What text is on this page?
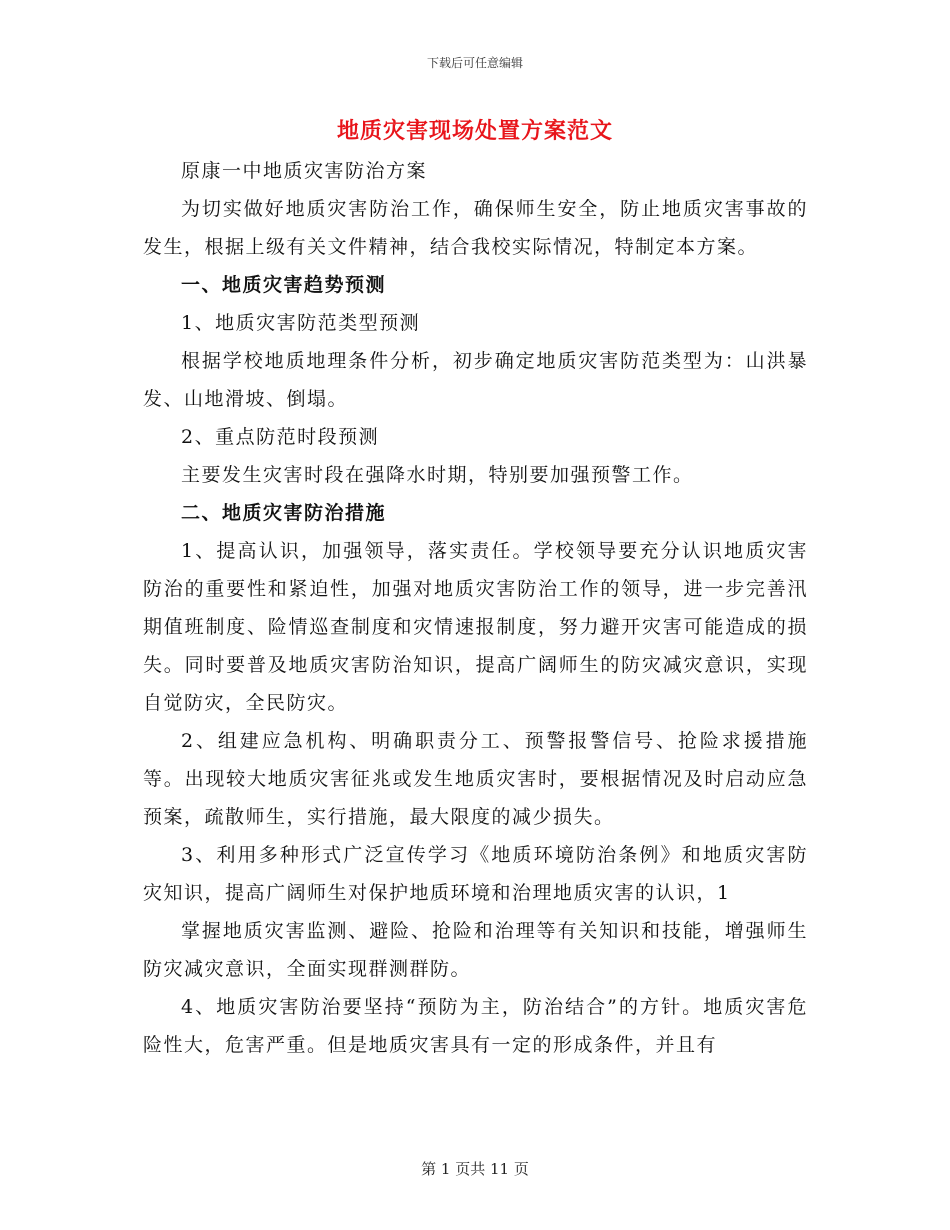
下载后可任意编辑
地质灾害现场处置方案范文

原康一中地质灾害防治方案

为切实做好地质灾害防治工作，确保师生安全，防止地质灾害事故的发生，根据上级有关文件精神，结合我校实际情况，特制定本方案。

一、地质灾害趋势预测

1、地质灾害防范类型预测

根据学校地质地理条件分析，初步确定地质灾害防范类型为：山洪暴发、山地滑坡、倒塌。

2、重点防范时段预测

主要发生灾害时段在强降水时期，特别要加强预警工作。

二、地质灾害防治措施

1、提高认识，加强领导，落实责任。学校领导要充分认识地质灾害防治的重要性和紧迫性，加强对地质灾害防治工作的领导，进一步完善汛期值班制度、险情巡查制度和灾情速报制度，努力避开灾害可能造成的损失。同时要普及地质灾害防治知识，提高广阔师生的防灾减灾意识，实现自觉防灾，全民防灾。

2、组建应急机构、明确职责分工、预警报警信号、抢险求援措施等。出现较大地质灾害征兆或发生地质灾害时，要根据情况及时启动应急预案，疏散师生，实行措施，最大限度的减少损失。

3、利用多种形式广泛宣传学习《地质环境防治条例》和地质灾害防灾知识，提高广阔师生对保护地质环境和治理地质灾害的认识，1

掌握地质灾害监测、避险、抢险和治理等有关知识和技能，增强师生防灾减灾意识，全面实现群测群防。

4、地质灾害防治要坚持“预防为主，防治结合”的方针。地质灾害危险性大，危害严重。但是地质灾害具有一定的形成条件，并且有

第 1 页共 11 页
